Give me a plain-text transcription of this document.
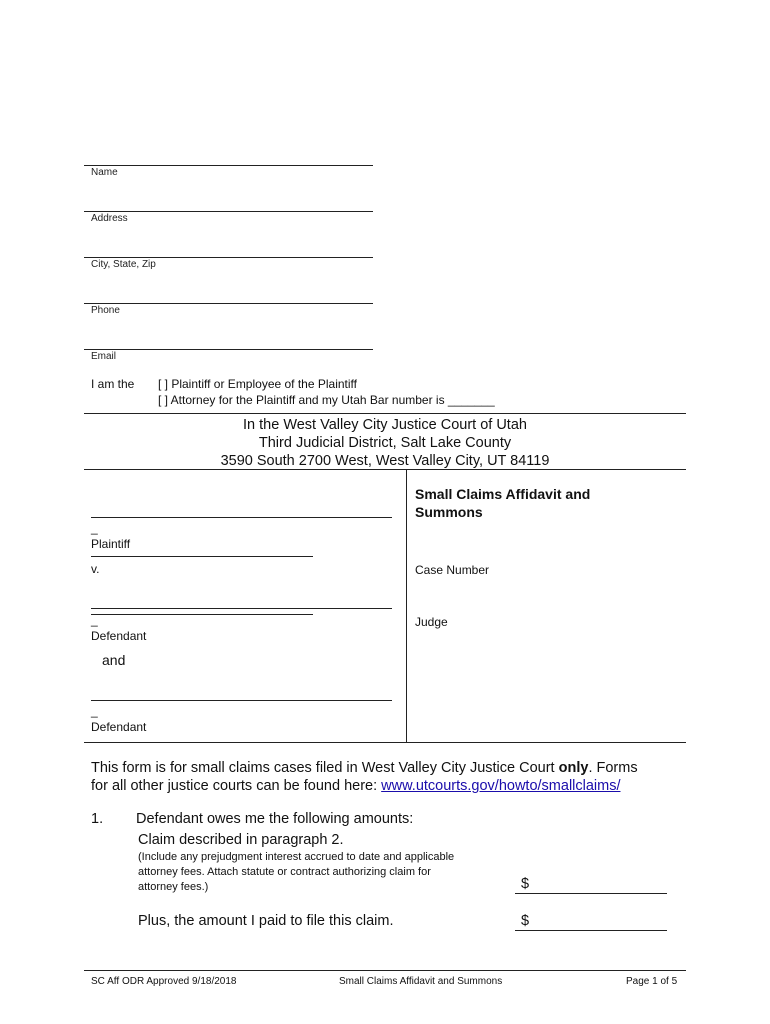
Name
Address
City, State, Zip
Phone
Email
I am the [ ] Plaintiff or Employee of the Plaintiff
[ ] Attorney for the Plaintiff and my Utah Bar number is _______
In the West Valley City Justice Court of Utah
Third Judicial District, Salt Lake County
3590 South 2700 West, West Valley City, UT 84119
_
Plaintiff
v.
_
Defendant
and
_
Defendant
Small Claims Affidavit and
Summons
Case Number
Judge
This form is for small claims cases filed in West Valley City Justice Court only. Forms
for all other justice courts can be found here: www.utcourts.gov/howto/smallclaims/
1. Defendant owes me the following amounts:
Claim described in paragraph 2.
(Include any prejudgment interest accrued to date and applicable
attorney fees. Attach statute or contract authorizing claim for
attorney fees.)	$
Plus, the amount I paid to file this claim.	$
SC Aff ODR Approved 9/18/2018	Small Claims Affidavit and Summons	Page 1 of 5
